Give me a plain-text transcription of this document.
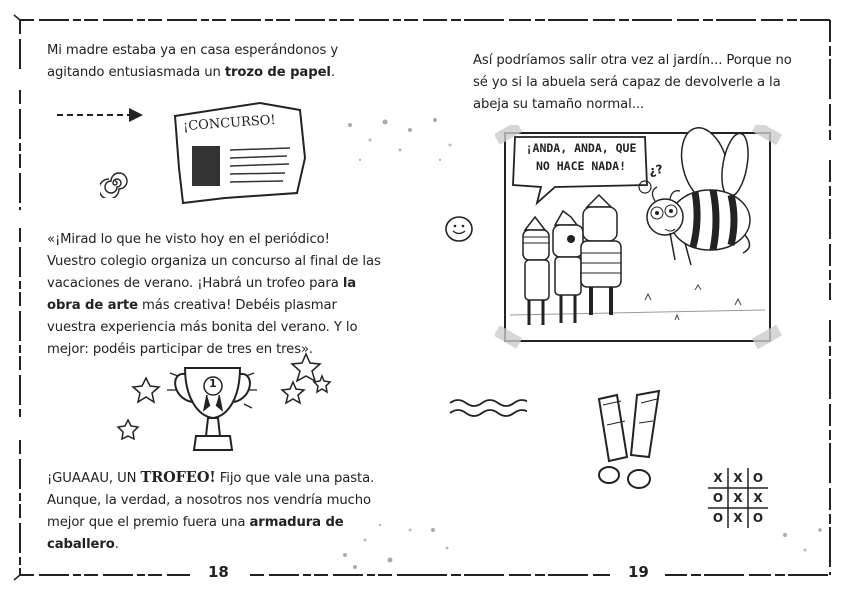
Mi madre estaba ya en casa esperándonos y agitando entusiasmada un trozo de papel.

¡CONCURSO!

«¡Mirad lo que he visto hoy en el periódico! Vuestro colegio organiza un concurso al final de las vacaciones de verano. ¡Habrá un trofeo para la obra de arte más creativa! Debéis plasmar vuestra experiencia más bonita del verano. Y lo mejor: podéis participar de tres en tres».

1

¡GUAAAU, UN TROFEO! Fijo que vale una pasta. Aunque, la verdad, a nosotros nos vendría mucho mejor que el premio fuera una armadura de caballero.

18

Así podríamos salir otra vez al jardín... Porque no sé yo si la abuela será capaz de devolverle a la abeja su tamaño normal...

¡ANDA, ANDA, QUE NO HACE NADA!	¿?
X X O
O X X
O X O
19
